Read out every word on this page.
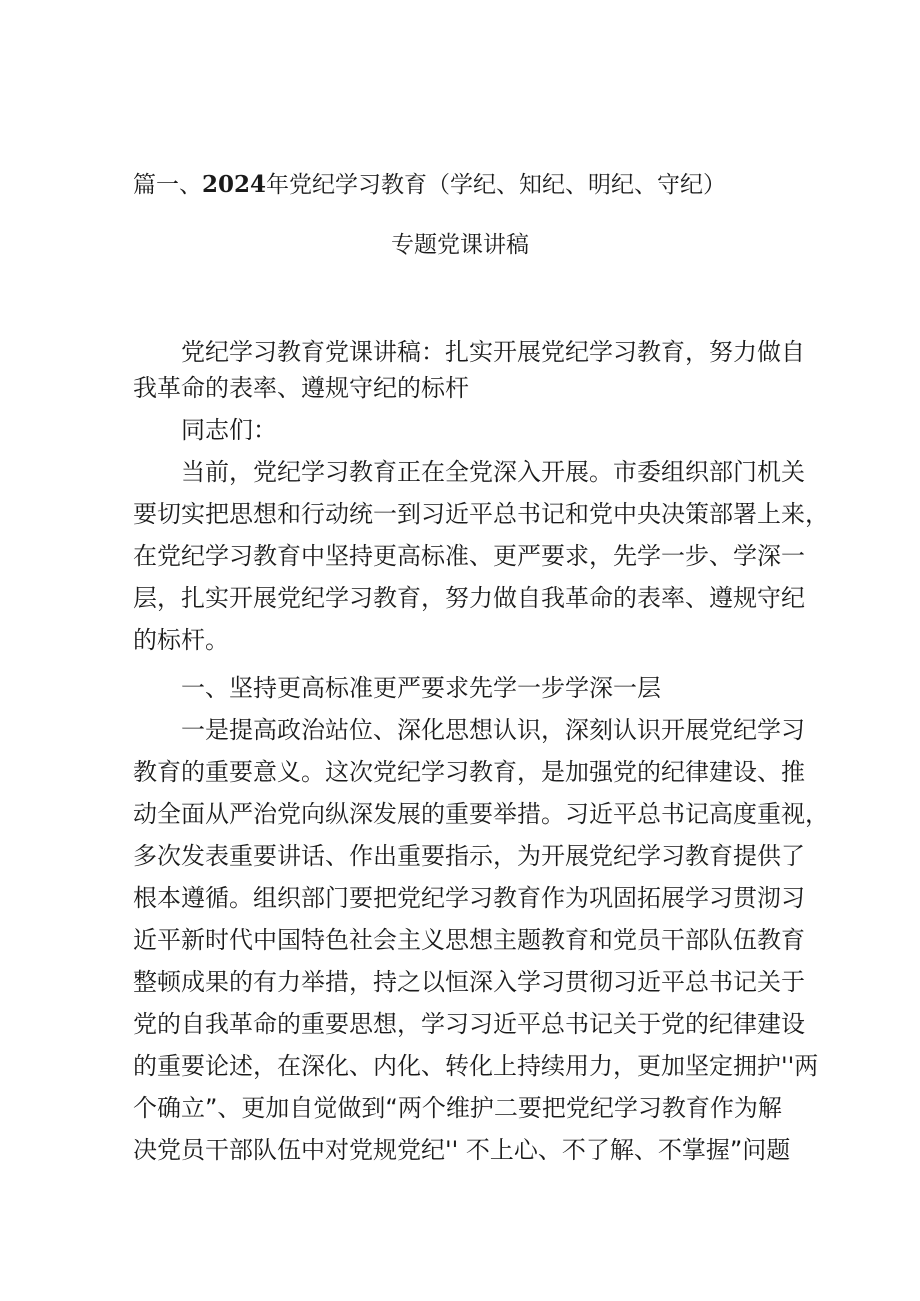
篇一、2024年党纪学习教育（学纪、知纪、明纪、守纪）
专题党课讲稿
党纪学习教育党课讲稿：扎实开展党纪学习教育，努力做自
我革命的表率、遵规守纪的标杆
同志们：
当前，党纪学习教育正在全党深入开展。市委组织部门机关
要切实把思想和行动统一到习近平总书记和党中央决策部署上来，
在党纪学习教育中坚持更高标准、更严要求，先学一步、学深一
层，扎实开展党纪学习教育，努力做自我革命的表率、遵规守纪
的标杆。
一、坚持更高标准更严要求先学一步学深一层
一是提高政治站位、深化思想认识，深刻认识开展党纪学习
教育的重要意义。这次党纪学习教育，是加强党的纪律建设、推
动全面从严治党向纵深发展的重要举措。习近平总书记高度重视，
多次发表重要讲话、作出重要指示，为开展党纪学习教育提供了
根本遵循。组织部门要把党纪学习教育作为巩固拓展学习贯沏习
近平新时代中国特色社会主义思想主题教育和党员干部队伍教育
整顿成果的有力举措，持之以恒深入学习贯彻习近平总书记关于
党的自我革命的重要思想，学习习近平总书记关于党的纪律建设
的重要论述，在深化、内化、转化上持续用力，更加坚定拥护''两
个确立”、更加自觉做到“两个维护二要把党纪学习教育作为解
决党员干部队伍中对党规党纪'' 不上心、不了解、不掌握”问题
